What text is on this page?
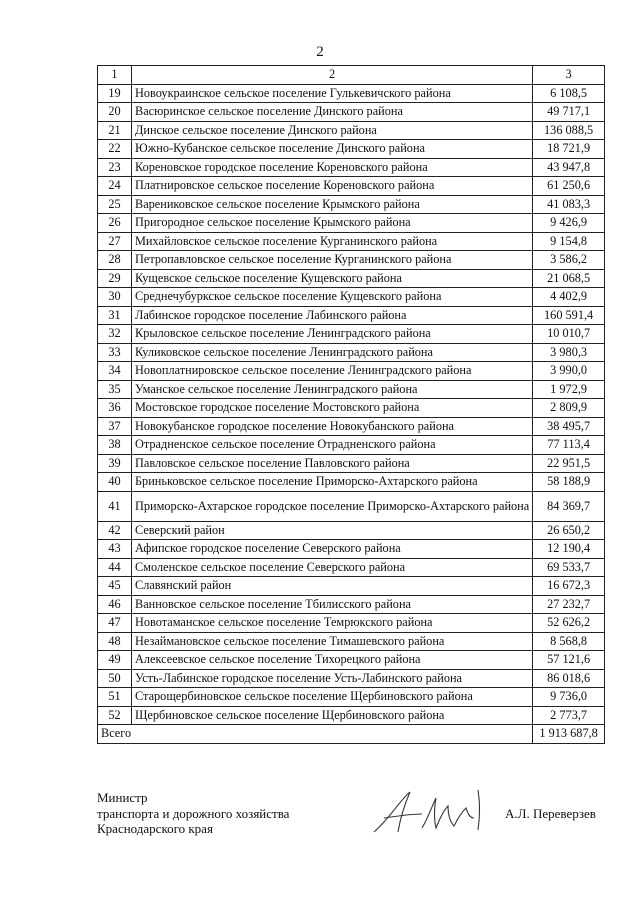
2
1	2	3
19	Новоукраинское сельское поселение Гулькевичского района	6 108,5
20	Васюринское сельское поселение Динского района	49 717,1
21	Динское сельское поселение Динского района	136 088,5
22	Южно-Кубанское сельское поселение Динского района	18 721,9
23	Кореновское городское поселение Кореновского района	43 947,8
24	Платнировское сельское поселение Кореновского района	61 250,6
25	Варениковское сельское поселение Крымского района	41 083,3
26	Пригородное сельское поселение Крымского района	9 426,9
27	Михайловское сельское поселение Курганинского района	9 154,8
28	Петропавловское сельское поселение Курганинского района	3 586,2
29	Кущевское сельское поселение Кущевского района	21 068,5
30	Среднечубуркское сельское поселение Кущевского района	4 402,9
31	Лабинское городское поселение Лабинского района	160 591,4
32	Крыловское сельское поселение Ленинградского района	10 010,7
33	Куликовское сельское поселение Ленинградского района	3 980,3
34	Новоплатнировское сельское поселение Ленинградского района	3 990,0
35	Уманское сельское поселение Ленинградского района	1 972,9
36	Мостовское городское поселение Мостовского района	2 809,9
37	Новокубанское городское поселение Новокубанского района	38 495,7
38	Отрадненское сельское поселение Отрадненского района	77 113,4
39	Павловское сельское поселение Павловского района	22 951,5
40	Бриньковское сельское поселение Приморско-Ахтарского района	58 188,9
41	Приморско-Ахтарское городское поселение Приморско-Ахтарского района	84 369,7
42	Северский район	26 650,2
43	Афипское городское поселение Северского района	12 190,4
44	Смоленское сельское поселение Северского района	69 533,7
45	Славянский район	16 672,3
46	Ванновское сельское поселение Тбилисского района	27 232,7
47	Новотаманское сельское поселение Темрюкского района	52 626,2
48	Незаймановское сельское поселение Тимашевского района	8 568,8
49	Алексеевское сельское поселение Тихорецкого района	57 121,6
50	Усть-Лабинское городское поселение Усть-Лабинского района	86 018,6
51	Старощербиновское сельское поселение Щербиновского района	9 736,0
52	Щербиновское сельское поселение Щербиновского района	2 773,7
Всего		1 913 687,8
Министр
транспорта и дорожного хозяйства
Краснодарского края
А.Л. Переверзев
